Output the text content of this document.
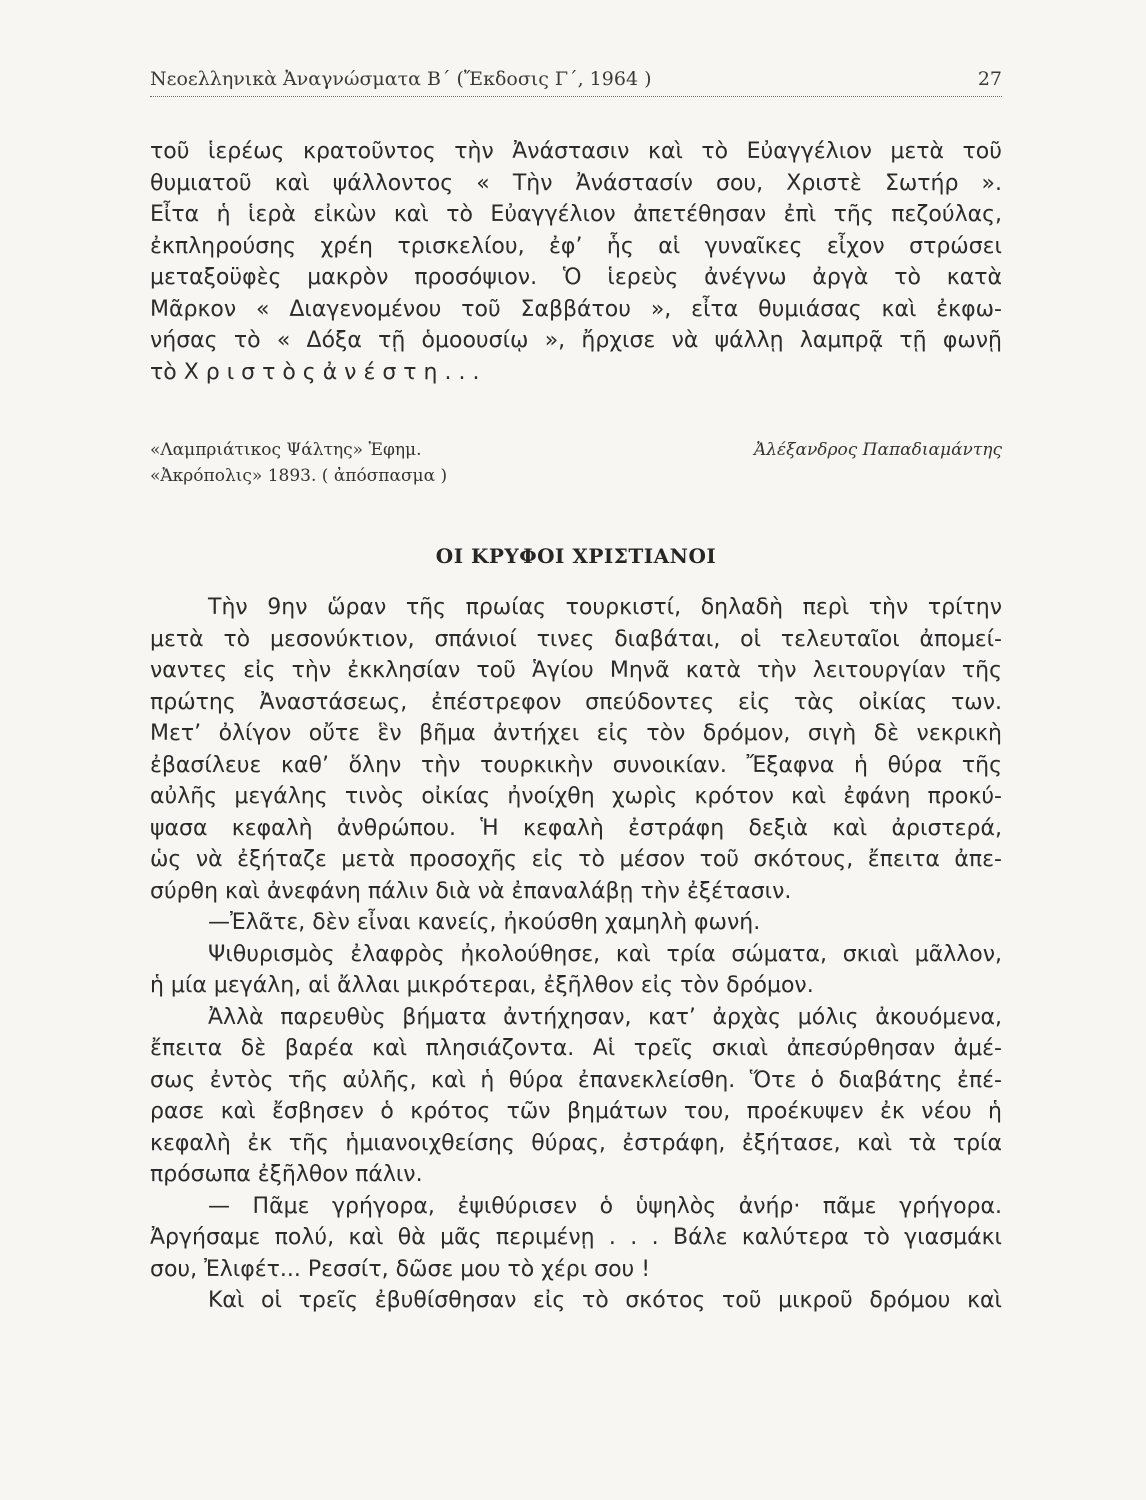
Νεοελληνικὰ Ἀναγνώσματα Β΄ (Ἔκδοσις Γ΄, 1964 )	27

τοῦ ἱερέως κρατοῦντος τὴν Ἀνάστασιν καὶ τὸ Εὐαγγέλιον μετὰ τοῦ

θυμιατοῦ καὶ ψάλλοντος « Τὴν Ἀνάστασίν σου, Χριστὲ Σωτήρ ».

Εἶτα ἡ ἱερὰ εἰκὼν καὶ τὸ Εὐαγγέλιον ἀπετέθησαν ἐπὶ τῆς πεζούλας,

ἐκπληρούσης χρέη τρισκελίου, ἐφ’ ἧς αἱ γυναῖκες εἶχον στρώσει

μεταξοϋφὲς μακρὸν προσόψιον. Ὁ ἱερεὺς ἀνέγνω ἀργὰ τὸ κατὰ

Μᾶρκον « Διαγενομένου τοῦ Σαββάτου », εἶτα θυμιάσας καὶ ἐκφω-

νήσας τὸ « Δόξα τῇ ὁμοουσίῳ », ἤρχισε νὰ ψάλλῃ λαμπρᾷ τῇ φωνῇ

τὸ Χ ρ ι σ τ ὸ ς ἀ ν έ σ τ η . . .

«Λαμπριάτικος Ψάλτης» Ἐφημ.	Ἀλέξανδρος Παπαδιαμάντης
«Ἀκρόπολις» 1893. ( ἀπόσπασμα )
ΟΙ ΚΡΥΦΟΙ ΧΡΙΣΤΙΑΝΟΙ

Τὴν 9ην ὥραν τῆς πρωίας τουρκιστί, δηλαδὴ περὶ τὴν τρίτην

μετὰ τὸ μεσονύκτιον, σπάνιοί τινες διαβάται, οἱ τελευταῖοι ἀπομεί-

ναντες εἰς τὴν ἐκκλησίαν τοῦ Ἁγίου Μηνᾶ κατὰ τὴν λειτουργίαν τῆς

πρώτης Ἀναστάσεως, ἐπέστρεφον σπεύδοντες εἰς τὰς οἰκίας των.

Μετ’ ὀλίγον οὔτε ἓν βῆμα ἀντήχει εἰς τὸν δρόμον, σιγὴ δὲ νεκρικὴ

ἐβασίλευε καθ’ ὅλην τὴν τουρκικὴν συνοικίαν. Ἔξαφνα ἡ θύρα τῆς

αὐλῆς μεγάλης τινὸς οἰκίας ἠνοίχθη χωρὶς κρότον καὶ ἐφάνη προκύ-

ψασα κεφαλὴ ἀνθρώπου. Ἡ κεφαλὴ ἐστράφη δεξιὰ καὶ ἀριστερά,

ὡς νὰ ἐξήταζε μετὰ προσοχῆς εἰς τὸ μέσον τοῦ σκότους, ἔπειτα ἀπε-

σύρθη καὶ ἀνεφάνη πάλιν διὰ νὰ ἐπαναλάβῃ τὴν ἐξέτασιν.

—Ἐλᾶτε, δὲν εἶναι κανείς, ἠκούσθη χαμηλὴ φωνή.

Ψιθυρισμὸς ἐλαφρὸς ἠκολούθησε, καὶ τρία σώματα, σκιαὶ μᾶλλον,

ἡ μία μεγάλη, αἱ ἄλλαι μικρότεραι, ἐξῆλθον εἰς τὸν δρόμον.

Ἀλλὰ παρευθὺς βήματα ἀντήχησαν, κατ’ ἀρχὰς μόλις ἀκουόμενα,

ἔπειτα δὲ βαρέα καὶ πλησιάζοντα. Αἱ τρεῖς σκιαὶ ἀπεσύρθησαν ἀμέ-

σως ἐντὸς τῆς αὐλῆς, καὶ ἡ θύρα ἐπανεκλείσθη. Ὅτε ὁ διαβάτης ἐπέ-

ρασε καὶ ἔσβησεν ὁ κρότος τῶν βημάτων του, προέκυψεν ἐκ νέου ἡ

κεφαλὴ ἐκ τῆς ἡμιανοιχθείσης θύρας, ἐστράφη, ἐξήτασε, καὶ τὰ τρία

πρόσωπα ἐξῆλθον πάλιν.

— Πᾶμε γρήγορα, ἐψιθύρισεν ὁ ὑψηλὸς ἀνήρ· πᾶμε γρήγορα.

Ἀργήσαμε πολύ, καὶ θὰ μᾶς περιμένῃ . . . Βάλε καλύτερα τὸ γιασμάκι

σου, Ἐλιφέτ... Ρεσσίτ, δῶσε μου τὸ χέρι σου !

Καὶ οἱ τρεῖς ἐβυθίσθησαν εἰς τὸ σκότος τοῦ μικροῦ δρόμου καὶ
